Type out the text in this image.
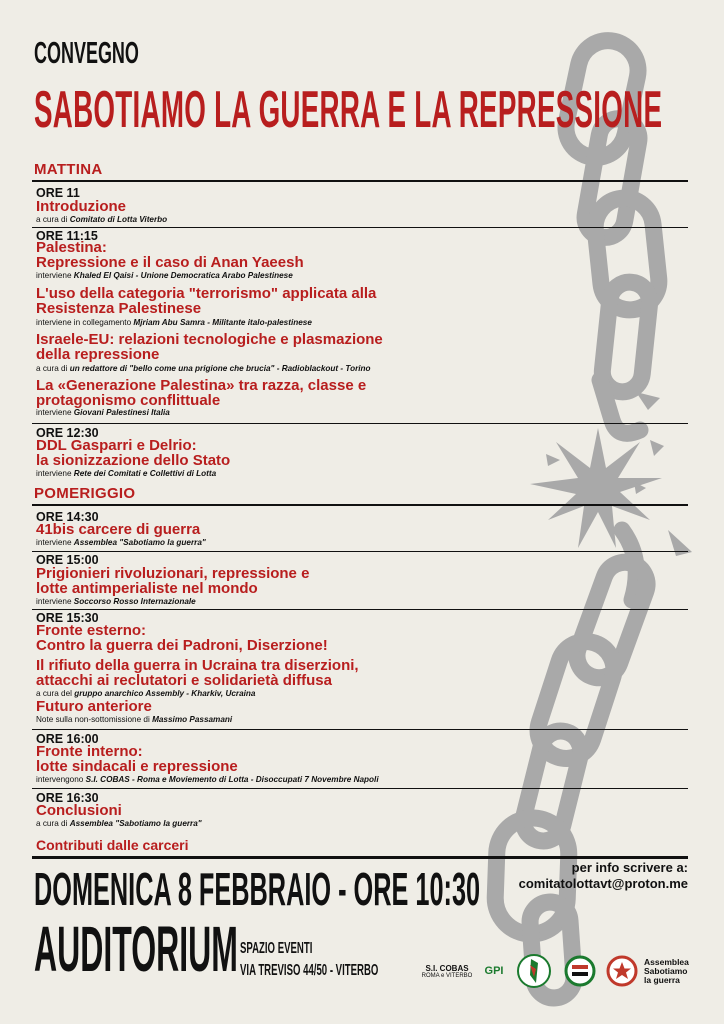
CONVEGNO
SABOTIAMO LA GUERRA E LA REPRESSIONE
MATTINA
ORE 11
Introduzione
a cura di Comitato di Lotta Viterbo
ORE 11:15
Palestina:
Repressione e il caso di Anan Yaeesh
interviene Khaled El Qaisi - Unione Democratica Arabo Palestinese
L'uso della categoria "terrorismo" applicata alla
Resistenza Palestinese
interviene in collegamento Mjriam Abu Samra - Militante italo-palestinese
Israele-EU: relazioni tecnologiche e plasmazione
della repressione
a cura di un redattore di "bello come una prigione che brucia" - Radioblackout - Torino
La «Generazione Palestina» tra razza, classe e
protagonismo conflittuale
interviene Giovani Palestinesi Italia
ORE 12:30
DDL Gasparri e Delrio:
la sionizzazione dello Stato
interviene Rete dei Comitati e Collettivi di Lotta
POMERIGGIO
ORE 14:30
41bis carcere di guerra
interviene Assemblea "Sabotiamo la guerra"
ORE 15:00
Prigionieri rivoluzionari, repressione e
lotte antimperialiste nel mondo
interviene Soccorso Rosso Internazionale
ORE 15:30
Fronte esterno:
Contro la guerra dei Padroni, Diserzione!
Il rifiuto della guerra in Ucraina tra diserzioni,
attacchi ai reclutatori e solidarietà diffusa
a cura del gruppo anarchico Assembly - Kharkiv, Ucraina
Futuro anteriore
Note sulla non-sottomissione di Massimo Passamani
ORE 16:00
Fronte interno:
lotte sindacali e repressione
intervengono S.I. COBAS - Roma e Moviemento di Lotta - Disoccupati 7 Novembre Napoli
ORE 16:30
Conclusioni
a cura di Assemblea "Sabotiamo la guerra"
Contributi dalle carceri
DOMENICA 8 FEBBRAIO - ORE 10:30
AUDITORIUM SPAZIO EVENTI
VIA TREVISO 44/50 - VITERBO
per info scrivere a:
comitatolottavt@proton.me
S.I. COBAS
ROMA e VITERBO GPI
Assemblea
Sabotiamo
la guerra
